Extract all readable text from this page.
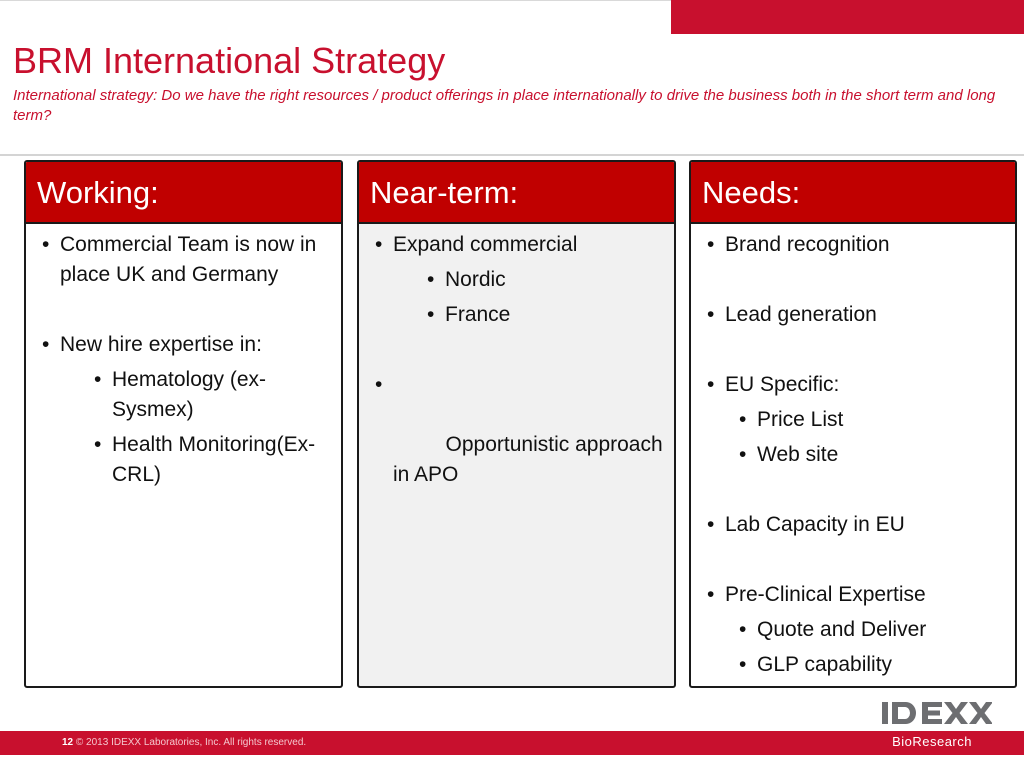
BRM International Strategy

International strategy: Do we have the right resources / product offerings in place internationally to drive the business both in the short term and long term?

Working:
• Commercial Team is now in place UK and Germany
• New hire expertise in:
• Hematology (ex-Sysmex)
• Health Monitoring(Ex-CRL)
Near-term:
• Expand commercial
• Nordic
• France

•

Opportunistic approach in APO

Needs:
• Brand recognition
• Lead generation
• EU Specific:
• Price List
• Web site
• Lab Capacity in EU
• Pre-Clinical Expertise
• Quote and Deliver
• GLP capability
12 © 2013 IDEXX Laboratories, Inc. All rights reserved.	BioResearch
